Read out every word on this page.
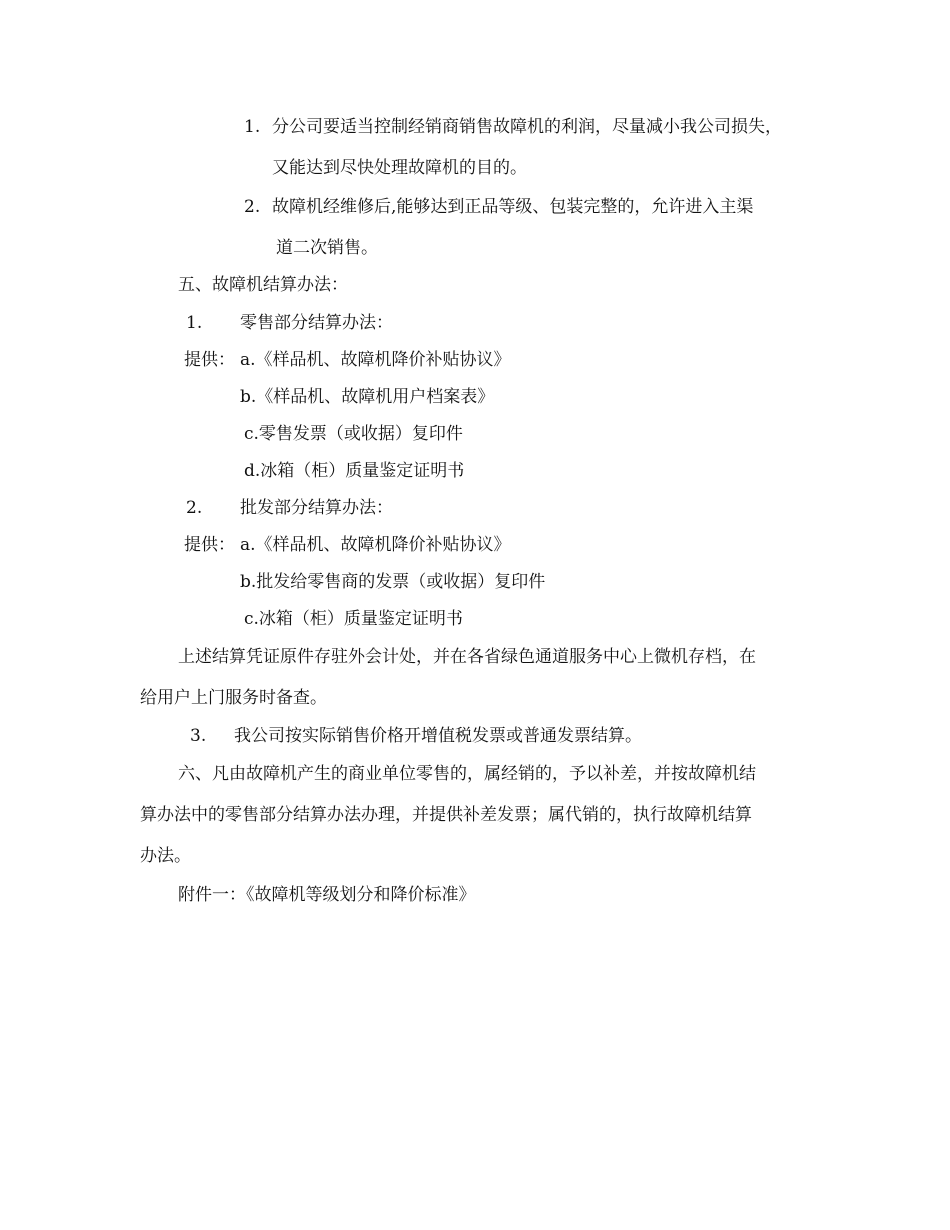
1. 分公司要适当控制经销商销售故障机的利润，尽量减小我公司损失，

又能达到尽快处理故障机的目的。

2. 故障机经维修后,能够达到正品等级、包装完整的，允许进入主渠

道二次销售。

五、故障机结算办法：

1. 零售部分结算办法：

提供： a.《样品机、故障机降价补贴协议》

b.《样品机、故障机用户档案表》

c.零售发票（或收据）复印件

d.冰箱（柜）质量鉴定证明书

2. 批发部分结算办法：

提供： a.《样品机、故障机降价补贴协议》

b.批发给零售商的发票（或收据）复印件

c.冰箱（柜）质量鉴定证明书

上述结算凭证原件存驻外会计处，并在各省绿色通道服务中心上微机存档，在

给用户上门服务时备查。

3. 我公司按实际销售价格开增值税发票或普通发票结算。

六、凡由故障机产生的商业单位零售的，属经销的，予以补差，并按故障机结

算办法中的零售部分结算办法办理，并提供补差发票；属代销的，执行故障机结算

办法。

附件一：《故障机等级划分和降价标准》
